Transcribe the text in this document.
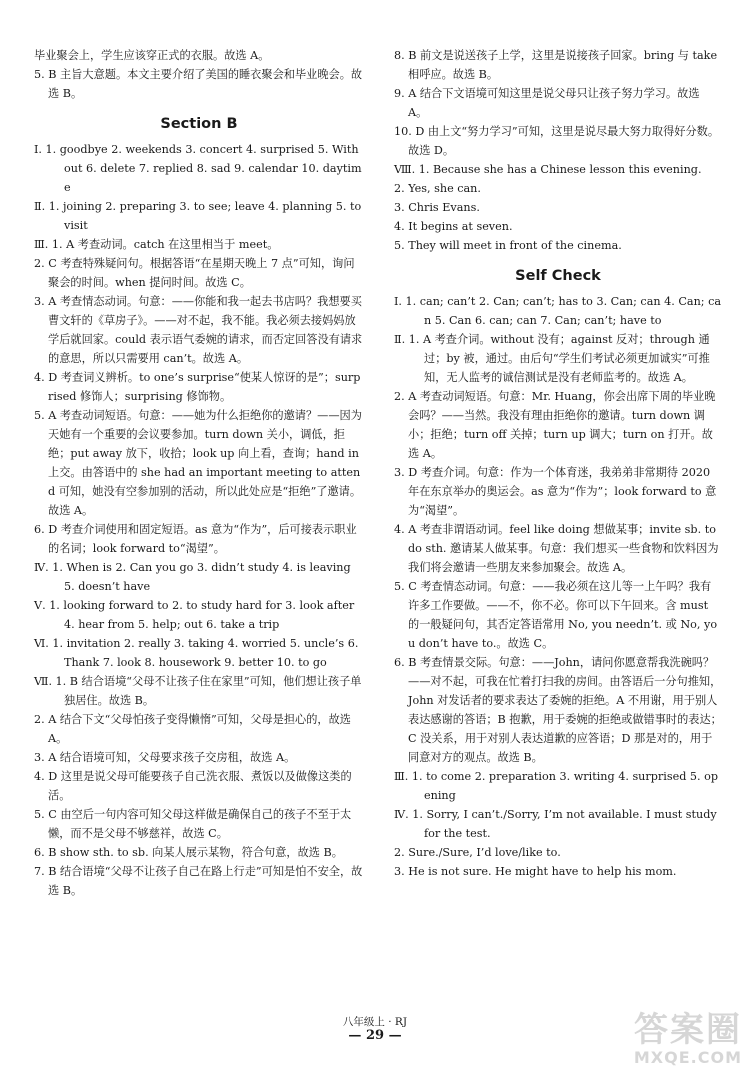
毕业聚会上，学生应该穿正式的衣服。故选 A。

5. B 主旨大意题。本文主要介绍了美国的睡衣聚会和毕业晚会。故选 B。

Section B

Ⅰ. 1. goodbye 2. weekends 3. concert 4. surprised 5. Without 6. delete 7. replied 8. sad 9. calendar 10. daytime

Ⅱ. 1. joining 2. preparing 3. to see; leave 4. planning 5. to visit

Ⅲ. 1. A 考查动词。catch 在这里相当于 meet。

2. C 考查特殊疑问句。根据答语“在星期天晚上 7 点”可知，询问聚会的时间。when 提问时间。故选 C。

3. A 考查情态动词。句意：——你能和我一起去书店吗？我想要买曹文轩的《草房子》。——对不起，我不能。我必须去接妈妈放学后就回家。could 表示语气委婉的请求，而否定回答没有请求的意思，所以只需要用 can’t。故选 A。

4. D 考查词义辨析。to one’s surprise“使某人惊讶的是”；surprised 修饰人；surprising 修饰物。

5. A 考查动词短语。句意：——她为什么拒绝你的邀请？——因为天她有一个重要的会议要参加。turn down 关小，调低，拒绝；put away 放下，收拾；look up 向上看，查询；hand in 上交。由答语中的 she had an important meeting to attend 可知，她没有空参加别的活动，所以此处应是“拒绝”了邀请。故选 A。

6. D 考查介词使用和固定短语。as 意为“作为”，后可接表示职业的名词；look forward to“渴望”。

Ⅳ. 1. When is 2. Can you go 3. didn’t study 4. is leaving 5. doesn’t have

Ⅴ. 1. looking forward to 2. to study hard for 3. look after 4. hear from 5. help; out 6. take a trip

Ⅵ. 1. invitation 2. really 3. taking 4. worried 5. uncle’s 6. Thank 7. look 8. housework 9. better 10. to go

Ⅶ. 1. B 结合语境“父母不让孩子住在家里”可知，他们想让孩子单独居住。故选 B。

2. A 结合下文“父母怕孩子变得懒惰”可知，父母是担心的，故选 A。

3. A 结合语境可知，父母要求孩子交房租，故选 A。

4. D 这里是说父母可能要孩子自己洗衣服、煮饭以及做像这类的活。

5. C 由空后一句内容可知父母这样做是确保自己的孩子不至于太懒，而不是父母不够慈祥，故选 C。

6. B show sth. to sb. 向某人展示某物，符合句意，故选 B。

7. B 结合语境“父母不让孩子自己在路上行走”可知是怕不安全，故选 B。

8. B 前文是说送孩子上学，这里是说接孩子回家。bring 与 take 相呼应。故选 B。

9. A 结合下文语境可知这里是说父母只让孩子努力学习。故选 A。

10. D 由上文“努力学习”可知，这里是说尽最大努力取得好分数。故选 D。

Ⅷ. 1. Because she has a Chinese lesson this evening.

2. Yes, she can.

3. Chris Evans.

4. It begins at seven.

5. They will meet in front of the cinema.

Self Check

Ⅰ. 1. can; can’t 2. Can; can’t; has to 3. Can; can 4. Can; can 5. Can 6. can; can 7. Can; can’t; have to

Ⅱ. 1. A 考查介词。without 没有；against 反对；through 通过；by 被，通过。由后句“学生们考试必须更加诚实”可推知，无人监考的诚信测试是没有老师监考的。故选 A。

2. A 考查动词短语。句意：Mr. Huang，你会出席下周的毕业晚会吗？——当然。我没有理由拒绝你的邀请。turn down 调小；拒绝；turn off 关掉；turn up 调大；turn on 打开。故选 A。

3. D 考查介词。句意：作为一个体育迷，我弟弟非常期待 2020 年在东京举办的奥运会。as 意为“作为”；look forward to 意为“渴望”。

4. A 考查非谓语动词。feel like doing 想做某事；invite sb. to do sth. 邀请某人做某事。句意：我们想买一些食物和饮料因为我们将会邀请一些朋友来参加聚会。故选 A。

5. C 考查情态动词。句意：——我必须在这儿等一上午吗？我有许多工作要做。——不，你不必。你可以下午回来。含 must 的一般疑问句，其否定答语常用 No, you needn’t. 或 No, you don’t have to.。故选 C。

6. B 考查情景交际。句意：——John，请问你愿意帮我洗碗吗？——对不起，可我在忙着打扫我的房间。由答语后一分句推知，John 对发话者的要求表达了委婉的拒绝。A 不用谢，用于别人表达感谢的答语；B 抱歉，用于委婉的拒绝或做错事时的表达；C 没关系，用于对别人表达道歉的应答语；D 那是对的，用于同意对方的观点。故选 B。

Ⅲ. 1. to come 2. preparation 3. writing 4. surprised 5. opening

Ⅳ. 1. Sorry, I can’t./Sorry, I’m not available. I must study for the test.

2. Sure./Sure, I’d love/like to.

3. He is not sure. He might have to help his mom.

八年级上 · RJ
— 29 —	答案圈
MXQE.COM
